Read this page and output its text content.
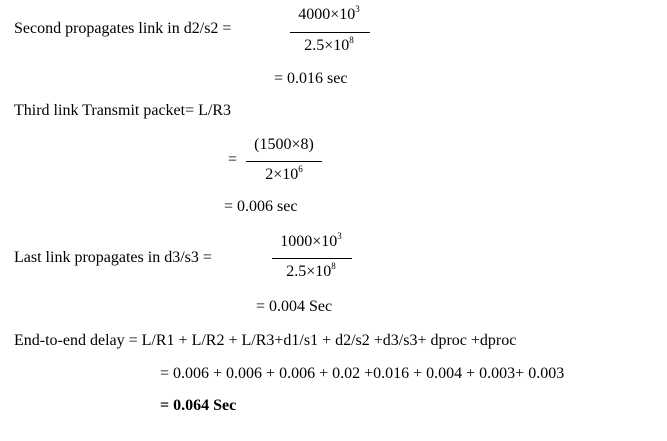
Second propagates link in d2/s2 =
$4000\times 10^3$
$2.5\times 10^8$
= 0.016 sec
Third link Transmit packet= L/R3
=
(1500×8)
$2\times 10^6$
= 0.006 sec
Last link propagates in d3/s3 =
$1000\times 10^3$
$2.5\times 10^8$
= 0.004 Sec
End-to-end delay = L/R1 + L/R2 + L/R3+d1/s1 + d2/s2 +d3/s3+ dproc +dproc
= 0.006 + 0.006 + 0.006 + 0.02 +0.016 + 0.004 + 0.003+ 0.003
= 0.064 Sec
